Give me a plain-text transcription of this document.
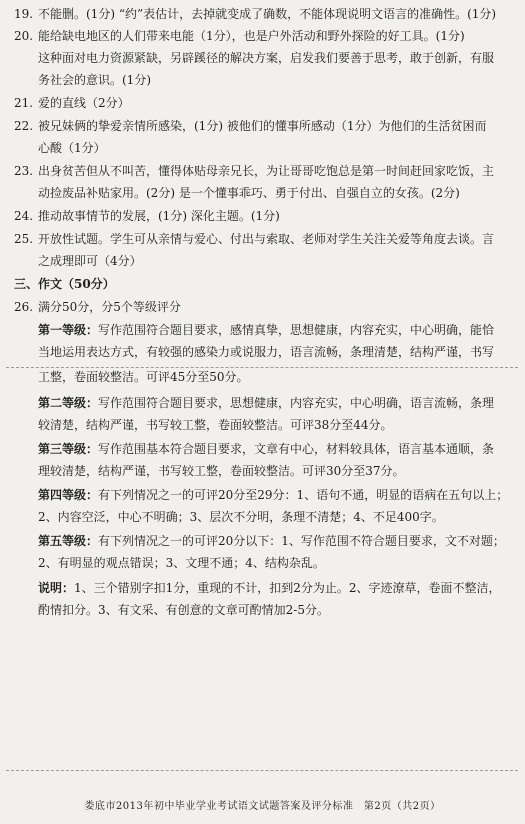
19. 不能删。(1分) “约”表估计，去掉就变成了确数，不能体现说明文语言的准确性。(1分)
20. 能给缺电地区的人们带来电能（1分），也是户外活动和野外探险的好工具。(1分)
这种面对电力资源紧缺，另辟蹊径的解决方案，启发我们要善于思考，敢于创新，有服
务社会的意识。(1分)
21. 爱的直线（2分）
22. 被兄妹俩的挚爱亲情所感染，(1分) 被他们的懂事所感动（1分）为他们的生活贫困而
心酸（1分）
23. 出身贫苦但从不叫苦，懂得体贴母亲兄长，为让哥哥吃饱总是第一时间赶回家吃饭，主
动捡废品补贴家用。(2分) 是一个懂事乖巧、勇于付出、自强自立的女孩。(2分)
24. 推动故事情节的发展，(1分) 深化主题。(1分)
25. 开放性试题。学生可从亲情与爱心、付出与索取、老师对学生关注关爱等角度去谈。言
之成理即可（4分）
三、作文（50分）
26. 满分50分，分5个等级评分
第一等级：写作范围符合题目要求，感情真挚，思想健康，内容充实，中心明确，能恰
当地运用表达方式，有较强的感染力或说服力，语言流畅，条理清楚，结构严谨，书写
工整，卷面较整洁。可评45分至50分。
第二等级：写作范围符合题目要求，思想健康，内容充实，中心明确，语言流畅，条理
较清楚，结构严谨，书写较工整，卷面较整洁。可评38分至44分。
第三等级：写作范围基本符合题目要求，文章有中心，材料较具体，语言基本通顺，条
理较清楚，结构严谨，书写较工整，卷面较整洁。可评30分至37分。
第四等级：有下列情况之一的可评20分至29分：1、语句不通，明显的语病在五句以上；
2、内容空泛，中心不明确；3、层次不分明，条理不清楚；4、不足400字。
第五等级：有下列情况之一的可评20分以下：1、写作范围不符合题目要求，文不对题；
2、有明显的观点错误；3、文理不通；4、结构杂乱。
说明：1、三个错别字扣1分，重现的不计，扣到2分为止。2、字迹潦草，卷面不整洁，
酌情扣分。3、有文采、有创意的文章可酌情加2-5分。
娄底市2013年初中毕业学业考试语文试题答案及评分标准　第2页（共2页）
